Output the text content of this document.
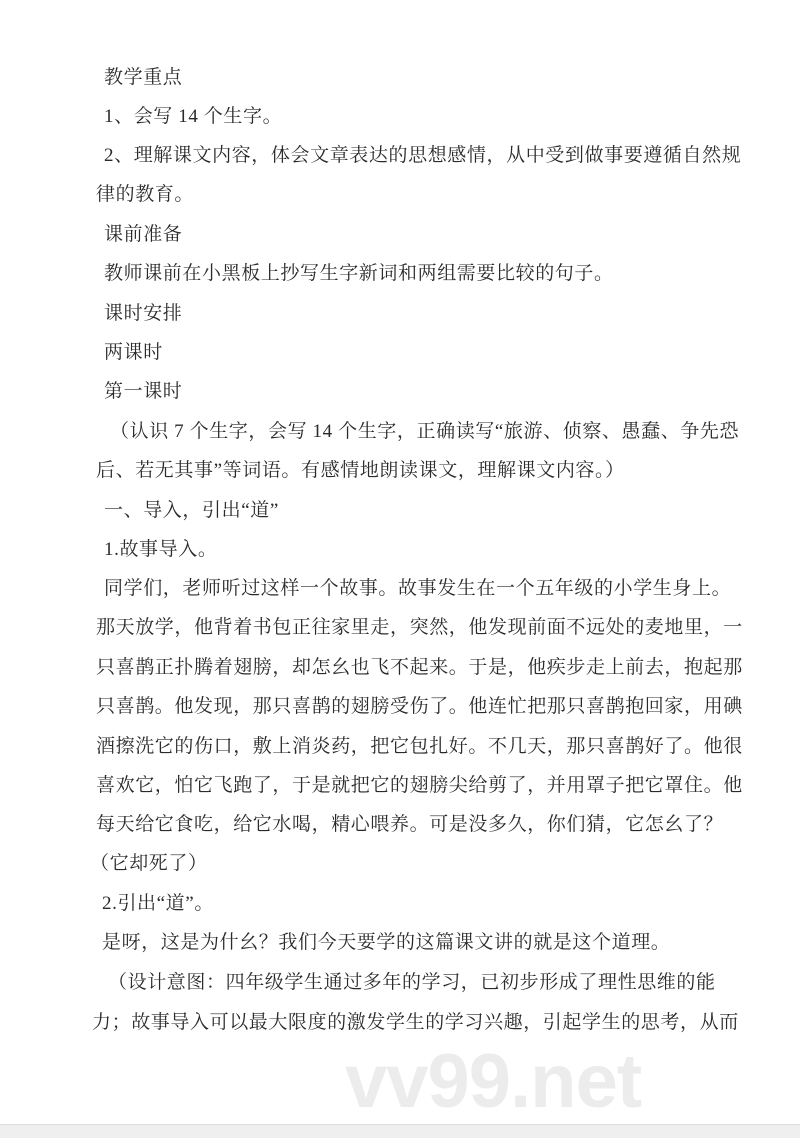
教学重点
1、会写 14 个生字。
2、理解课文内容，体会文章表达的思想感情，从中受到做事要遵循自然规
律的教育。
课前准备
教师课前在小黑板上抄写生字新词和两组需要比较的句子。
课时安排
两课时
第一课时
（认识 7 个生字，会写 14 个生字，正确读写“旅游、侦察、愚蠢、争先恐
后、若无其事”等词语。有感情地朗读课文，理解课文内容。）
一、导入，引出“道”
1.故事导入。
同学们，老师听过这样一个故事。故事发生在一个五年级的小学生身上。
那天放学，他背着书包正往家里走，突然，他发现前面不远处的麦地里，一
只喜鹊正扑腾着翅膀，却怎幺也飞不起来。于是，他疾步走上前去，抱起那
只喜鹊。他发现，那只喜鹊的翅膀受伤了。他连忙把那只喜鹊抱回家，用碘
酒擦洗它的伤口，敷上消炎药，把它包扎好。不几天，那只喜鹊好了。他很
喜欢它，怕它飞跑了，于是就把它的翅膀尖给剪了，并用罩子把它罩住。他
每天给它食吃，给它水喝，精心喂养。可是没多久，你们猜，它怎幺了？
（它却死了）
2.引出“道”。
是呀，这是为什幺？我们今天要学的这篇课文讲的就是这个道理。
（设计意图：四年级学生通过多年的学习，已初步形成了理性思维的能
力；故事导入可以最大限度的激发学生的学习兴趣，引起学生的思考，从而
vv99.net
